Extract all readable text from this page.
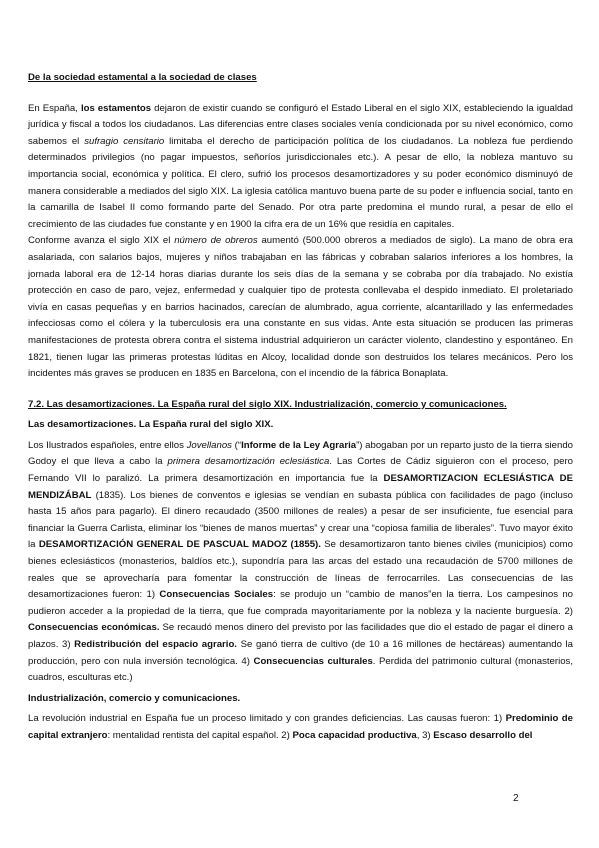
De la sociedad estamental a la sociedad de clases

En España, los estamentos dejaron de existir cuando se configuró el Estado Liberal en el siglo XIX, estableciendo la igualdad jurídica y fiscal a todos los ciudadanos. Las diferencias entre clases sociales venía condicionada por su nivel económico, como sabemos el sufragio censitario limitaba el derecho de participación política de los ciudadanos. La nobleza fue perdiendo determinados privilegios (no pagar impuestos, señoríos jurisdiccionales etc.). A pesar de ello, la nobleza mantuvo su importancia social, económica y política. El clero, sufrió los procesos desamortizadores y su poder económico disminuyó de manera considerable a mediados del siglo XIX. La iglesia católica mantuvo buena parte de su poder e influencia social, tanto en la camarilla de Isabel II como formando parte del Senado. Por otra parte predomina el mundo rural, a pesar de ello el crecimiento de las ciudades fue constante y en 1900 la cifra era de un 16% que residía en capitales.

Conforme avanza el siglo XIX el número de obreros aumentó (500.000 obreros a mediados de siglo). La mano de obra era asalariada, con salarios bajos, mujeres y niños trabajaban en las fábricas y cobraban salarios inferiores a los hombres, la jornada laboral era de 12-14 horas diarias durante los seis días de la semana y se cobraba por día trabajado. No existía protección en caso de paro, vejez, enfermedad y cualquier tipo de protesta conllevaba el despido inmediato. El proletariado vivía en casas pequeñas y en barrios hacinados, carecían de alumbrado, agua corriente, alcantarillado y las enfermedades infecciosas como el cólera y la tuberculosis era una constante en sus vidas. Ante esta situación se producen las primeras manifestaciones de protesta obrera contra el sistema industrial adquirieron un carácter violento, clandestino y espontáneo. En 1821, tienen lugar las primeras protestas lúditas en Alcoy, localidad donde son destruidos los telares mecánicos. Pero los incidentes más graves se producen en 1835 en Barcelona, con el incendio de la fábrica Bonaplata.

7.2. Las desamortizaciones. La España rural del siglo XIX. Industrialización, comercio y comunicaciones.

Las desamortizaciones. La España rural del siglo XIX.

Los Ilustrados españoles, entre ellos Jovellanos (“Informe de la Ley Agraria”) abogaban por un reparto justo de la tierra siendo Godoy el que lleva a cabo la primera desamortización eclesiástica. Las Cortes de Cádiz siguieron con el proceso, pero Fernando VII lo paralizó. La primera desamortización en importancia fue la DESAMORTIZACION ECLESIÁSTICA DE MENDIZÁBAL (1835). Los bienes de conventos e iglesias se vendían en subasta pública con facilidades de pago (incluso hasta 15 años para pagarlo). El dinero recaudado (3500 millones de reales) a pesar de ser insuficiente, fue esencial para financiar la Guerra Carlista, eliminar los “bienes de manos muertas” y crear una “copiosa familia de liberales”. Tuvo mayor éxito la DESAMORTIZACIÓN GENERAL DE PASCUAL MADOZ (1855). Se desamortizaron tanto bienes civiles (municipios) como bienes eclesiásticos (monasterios, baldíos etc.), supondría para las arcas del estado una recaudación de 5700 millones de reales que se aprovecharía para fomentar la construcción de líneas de ferrocarriles. Las consecuencias de las desamortizaciones fueron: 1) Consecuencias Sociales: se produjo un “cambio de manos”en la tierra. Los campesinos no pudieron acceder a la propiedad de la tierra, que fue comprada mayoritariamente por la nobleza y la naciente burguesía. 2) Consecuencias económicas. Se recaudó menos dinero del previsto por las facilidades que dio el estado de pagar el dinero a plazos. 3) Redistribución del espacio agrario. Se ganó tierra de cultivo (de 10 a 16 millones de hectáreas) aumentando la producción, pero con nula inversión tecnológica. 4) Consecuencias culturales. Perdida del patrimonio cultural (monasterios, cuadros, esculturas etc.)

Industrialización, comercio y comunicaciones.

La revolución industrial en España fue un proceso limitado y con grandes deficiencias. Las causas fueron: 1) Predominio de capital extranjero: mentalidad rentista del capital español. 2) Poca capacidad productiva, 3) Escaso desarrollo del

2
